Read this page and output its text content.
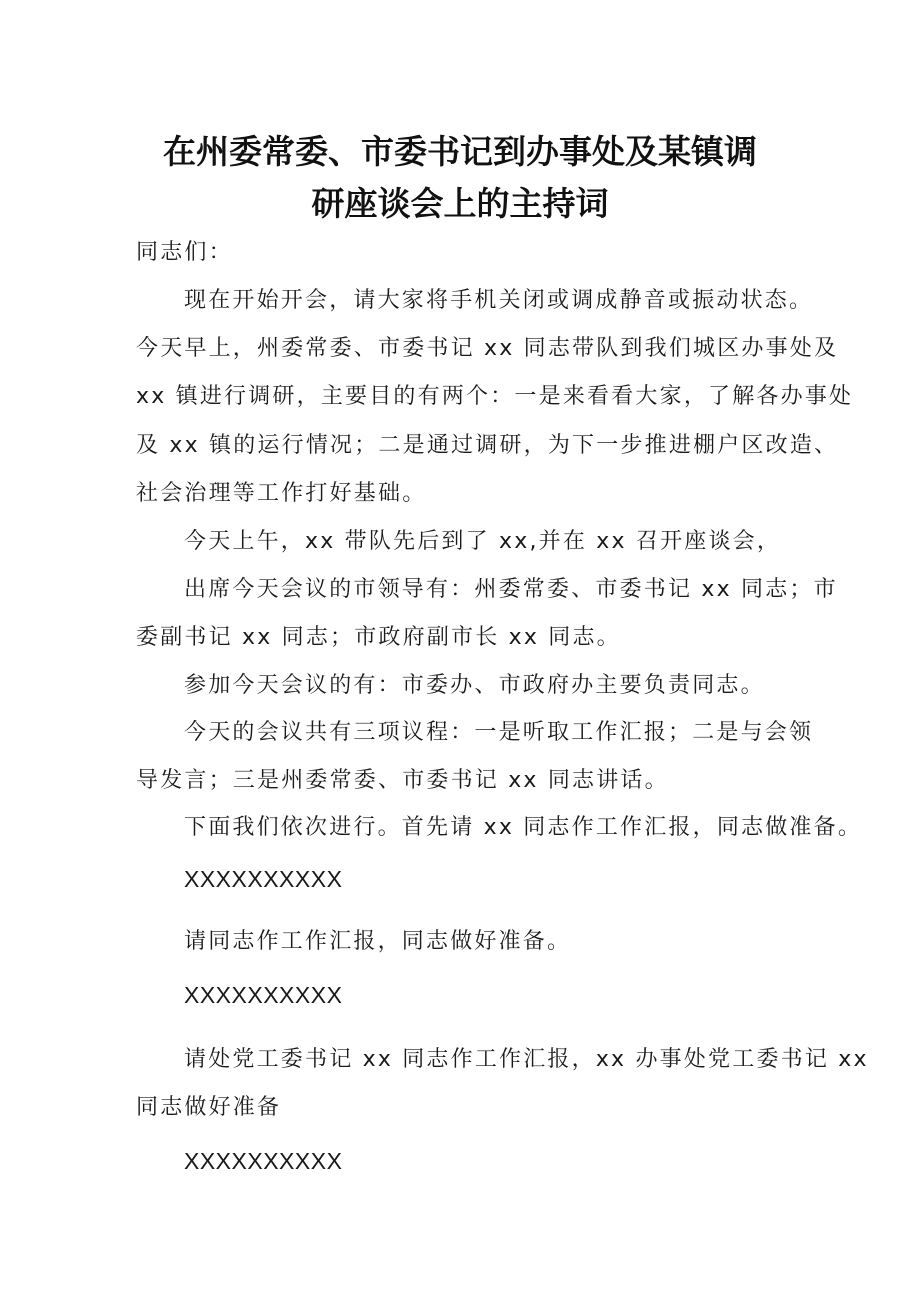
在州委常委、市委书记到办事处及某镇调
研座谈会上的主持词
同志们：
现在开始开会，请大家将手机关闭或调成静音或振动状态。
今天早上，州委常委、市委书记 xx 同志带队到我们城区办事处及
xx 镇进行调研，主要目的有两个：一是来看看大家，了解各办事处
及 xx 镇的运行情况；二是通过调研，为下一步推进棚户区改造、
社会治理等工作打好基础。
今天上午，xx 带队先后到了 xx,并在 xx 召开座谈会，
出席今天会议的市领导有：州委常委、市委书记 xx 同志；市
委副书记 xx 同志；市政府副市长 xx 同志。
参加今天会议的有：市委办、市政府办主要负责同志。
今天的会议共有三项议程：一是听取工作汇报；二是与会领
导发言；三是州委常委、市委书记 xx 同志讲话。
下面我们依次进行。首先请 xx 同志作工作汇报，同志做准备。
XXXXXXXXXX
请同志作工作汇报，同志做好准备。
XXXXXXXXXX
请处党工委书记 xx 同志作工作汇报，xx 办事处党工委书记 xx
同志做好准备
XXXXXXXXXX
